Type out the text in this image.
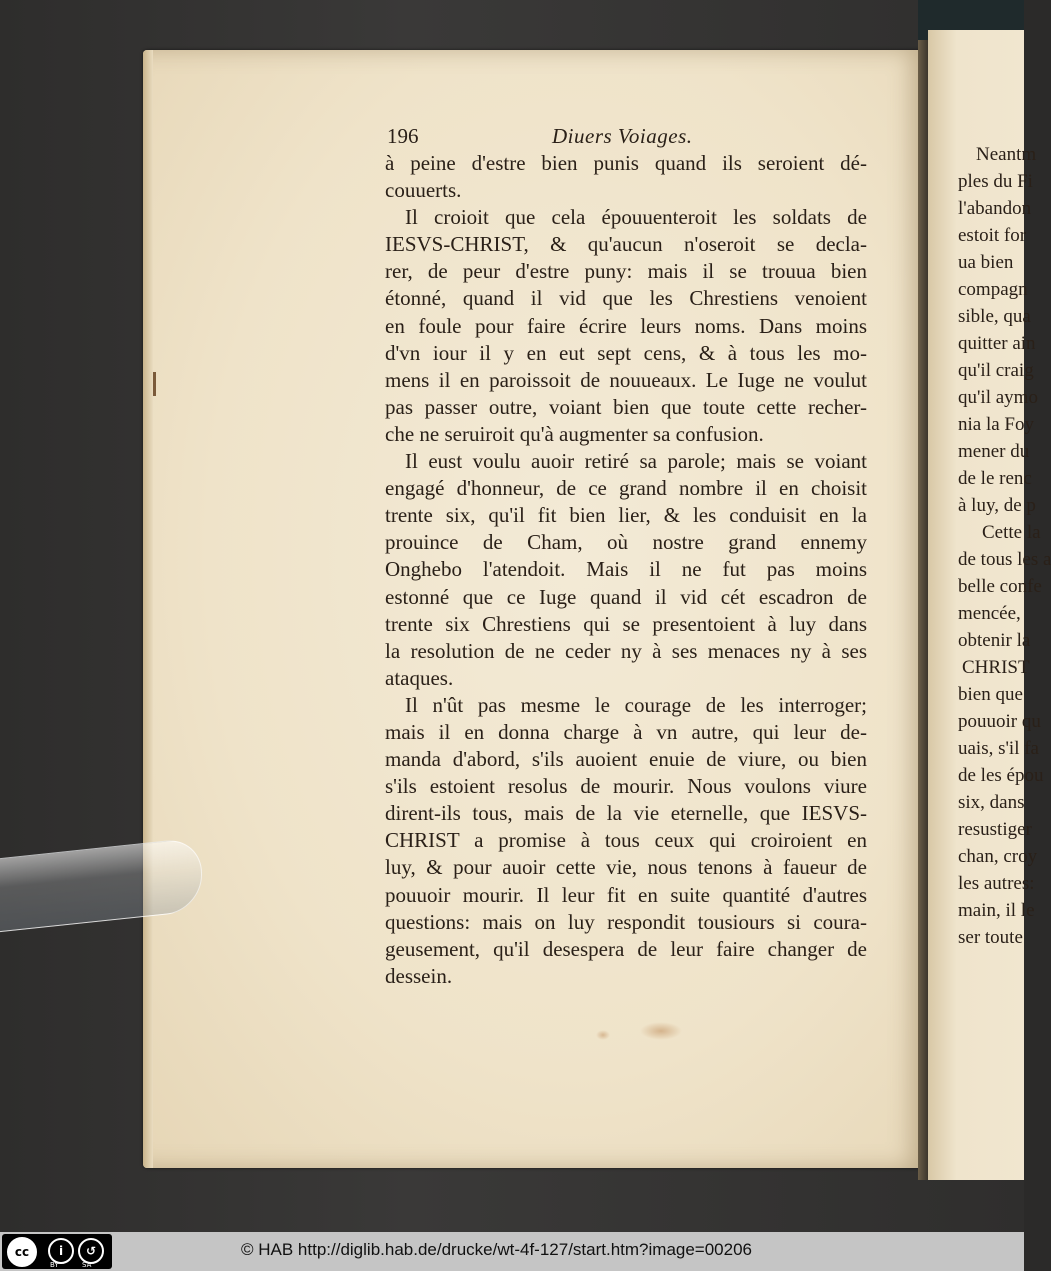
Neantm
ples du Fi
l'abandon
estoit for
ua bien
compagn
sible, qua
quitter ain
qu'il craig
qu'il aymo
nia la Foy
mener du
de le renc
à luy, de p
Cette la
de tous les a
belle confe
mencée,
obtenir la
CHRIST
bien que
pouuoir qu
uais, s'il fa
de les épou
six, dans
resustiger
chan, croy
les autres:
main, il le
ser toute
196	Diuers Voiages.
à peine d'estre bien punis quand ils seroient dé-
couuerts.
Il croioit que cela épouuenteroit les soldats de
IESVS-CHRIST, & qu'aucun n'oseroit se decla-
rer, de peur d'estre puny: mais il se trouua bien
étonné, quand il vid que les Chrestiens venoient
en foule pour faire écrire leurs noms. Dans moins
d'vn iour il y en eut sept cens, & à tous les mo-
mens il en paroissoit de nouueaux. Le Iuge ne voulut
pas passer outre, voiant bien que toute cette recher-
che ne seruiroit qu'à augmenter sa confusion.
Il eust voulu auoir retiré sa parole; mais se voiant
engagé d'honneur, de ce grand nombre il en choisit
trente six, qu'il fit bien lier, & les conduisit en la
prouince de Cham, où nostre grand ennemy
Onghebo l'atendoit. Mais il ne fut pas moins
estonné que ce Iuge quand il vid cét escadron de
trente six Chrestiens qui se presentoient à luy dans
la resolution de ne ceder ny à ses menaces ny à ses
ataques.
Il n'ût pas mesme le courage de les interroger;
mais il en donna charge à vn autre, qui leur de-
manda d'abord, s'ils auoient enuie de viure, ou bien
s'ils estoient resolus de mourir. Nous voulons viure
dirent-ils tous, mais de la vie eternelle, que IESVS-
CHRIST a promise à tous ceux qui croiroient en
luy, & pour auoir cette vie, nous tenons à faueur de
pouuoir mourir. Il leur fit en suite quantité d'autres
questions: mais on luy respondit tousiours si coura-
geusement, qu'il desespera de leur faire changer de
dessein.
cc	i	↺
BY	SA
© HAB http://diglib.hab.de/drucke/wt-4f-127/start.htm?image=00206
